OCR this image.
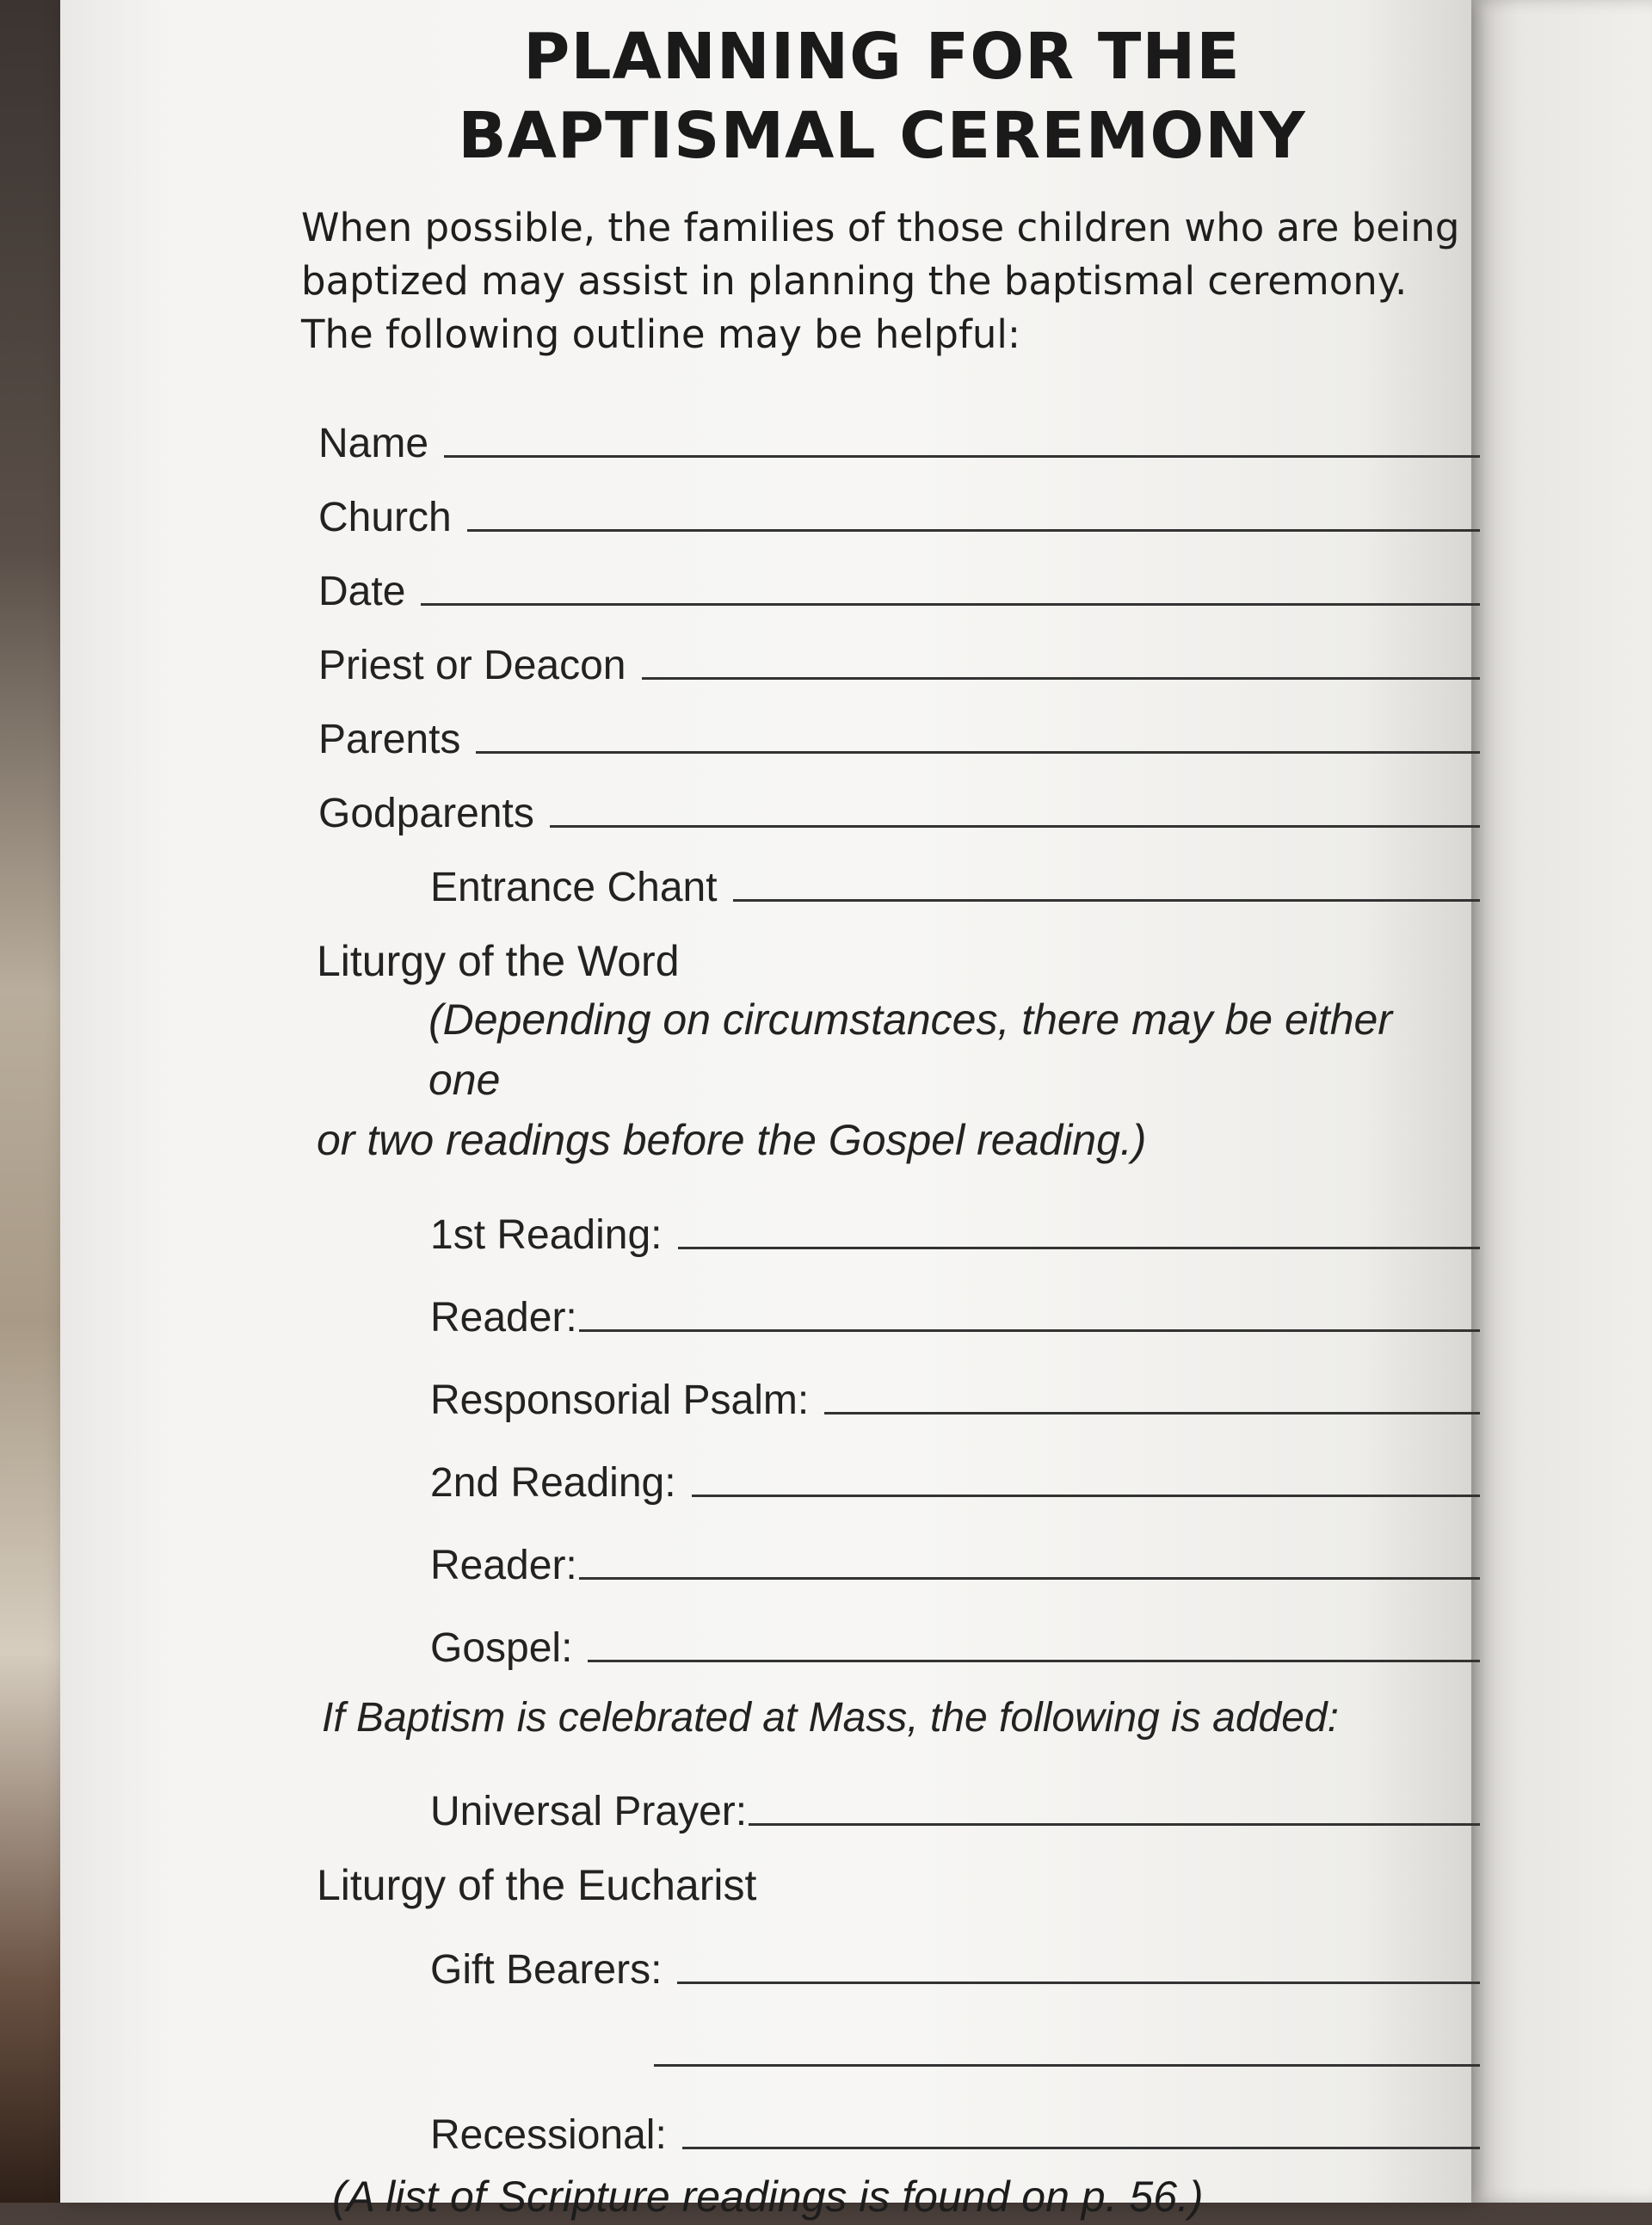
PLANNING FOR THE
BAPTISMAL CEREMONY
When possible, the families of those children who are being baptized may assist in planning the baptismal ceremony. The following outline may be helpful:
Name
Church
Date
Priest or Deacon
Parents
Godparents
Entrance Chant
Liturgy of the Word
(Depending on circumstances, there may be either one
or two readings before the Gospel reading.)
1st Reading:
Reader:
Responsorial Psalm:
2nd Reading:
Reader:
Gospel:
If Baptism is celebrated at Mass, the following is added:
Universal Prayer:
Liturgy of the Eucharist
Gift Bearers:
Recessional:
(A list of Scripture readings is found on p. 56.)
